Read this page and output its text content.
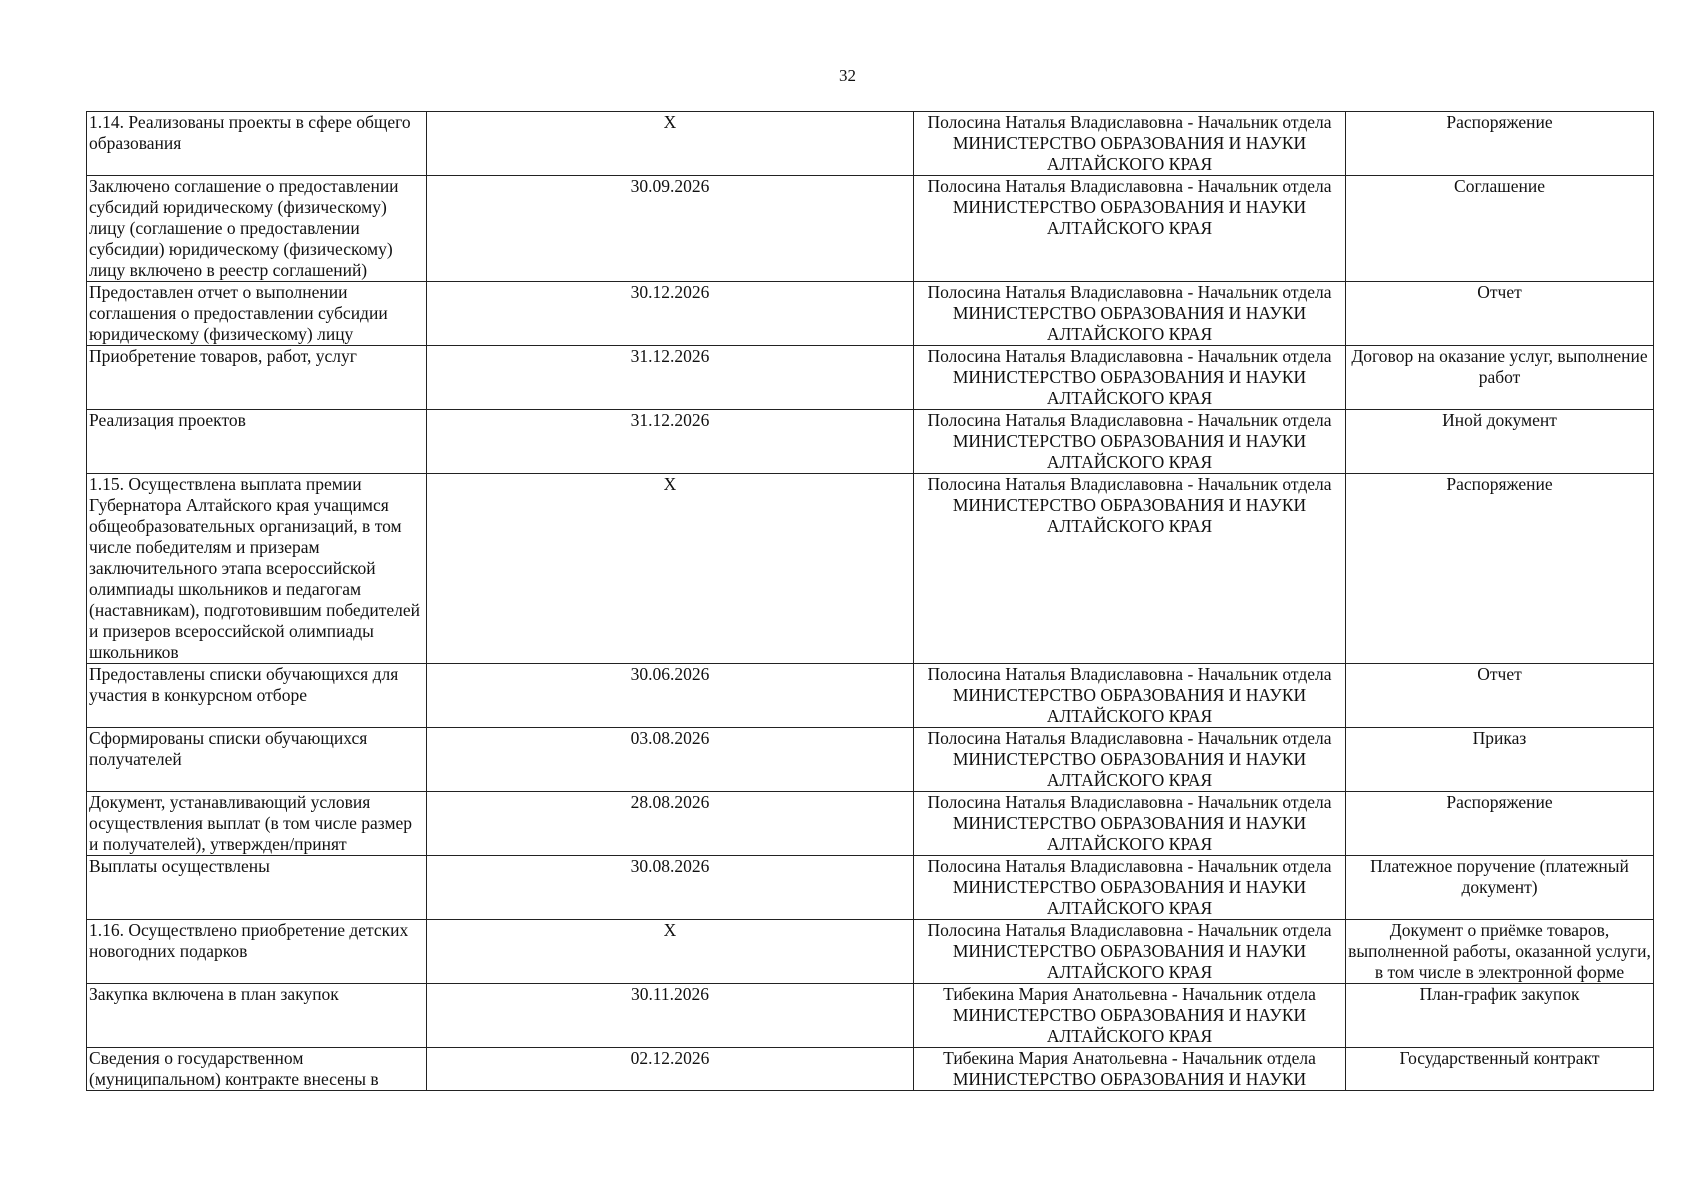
32
1.14. Реализованы проекты в сфере общего образования	X	Полосина Наталья Владиславовна - Начальник отдела МИНИСТЕРСТВО ОБРАЗОВАНИЯ И НАУКИ АЛТАЙСКОГО КРАЯ	Распоряжение
Заключено соглашение о предоставлении субсидий юридическому (физическому) лицу (соглашение о предоставлении субсидии) юридическому (физическому) лицу включено в реестр соглашений)	30.09.2026	Полосина Наталья Владиславовна - Начальник отдела МИНИСТЕРСТВО ОБРАЗОВАНИЯ И НАУКИ АЛТАЙСКОГО КРАЯ	Соглашение
Предоставлен отчет о выполнении соглашения о предоставлении субсидии юридическому (физическому) лицу	30.12.2026	Полосина Наталья Владиславовна - Начальник отдела МИНИСТЕРСТВО ОБРАЗОВАНИЯ И НАУКИ АЛТАЙСКОГО КРАЯ	Отчет
Приобретение товаров, работ, услуг	31.12.2026	Полосина Наталья Владиславовна - Начальник отдела МИНИСТЕРСТВО ОБРАЗОВАНИЯ И НАУКИ АЛТАЙСКОГО КРАЯ	Договор на оказание услуг, выполнение работ
Реализация проектов	31.12.2026	Полосина Наталья Владиславовна - Начальник отдела МИНИСТЕРСТВО ОБРАЗОВАНИЯ И НАУКИ АЛТАЙСКОГО КРАЯ	Иной документ
1.15. Осуществлена выплата премии Губернатора Алтайского края учащимся общеобразовательных организаций, в том числе победителям и призерам заключительного этапа всероссийской олимпиады школьников и педагогам (наставникам), подготовившим победителей и призеров всероссийской олимпиады школьников	X	Полосина Наталья Владиславовна - Начальник отдела МИНИСТЕРСТВО ОБРАЗОВАНИЯ И НАУКИ АЛТАЙСКОГО КРАЯ	Распоряжение
Предоставлены списки обучающихся для участия в конкурсном отборе	30.06.2026	Полосина Наталья Владиславовна - Начальник отдела МИНИСТЕРСТВО ОБРАЗОВАНИЯ И НАУКИ АЛТАЙСКОГО КРАЯ	Отчет
Сформированы списки обучающихся получателей	03.08.2026	Полосина Наталья Владиславовна - Начальник отдела МИНИСТЕРСТВО ОБРАЗОВАНИЯ И НАУКИ АЛТАЙСКОГО КРАЯ	Приказ
Документ, устанавливающий условия осуществления выплат (в том числе размер и получателей), утвержден/принят	28.08.2026	Полосина Наталья Владиславовна - Начальник отдела МИНИСТЕРСТВО ОБРАЗОВАНИЯ И НАУКИ АЛТАЙСКОГО КРАЯ	Распоряжение
Выплаты осуществлены	30.08.2026	Полосина Наталья Владиславовна - Начальник отдела МИНИСТЕРСТВО ОБРАЗОВАНИЯ И НАУКИ АЛТАЙСКОГО КРАЯ	Платежное поручение (платежный документ)
1.16. Осуществлено приобретение детских новогодних подарков	X	Полосина Наталья Владиславовна - Начальник отдела МИНИСТЕРСТВО ОБРАЗОВАНИЯ И НАУКИ АЛТАЙСКОГО КРАЯ	Документ о приёмке товаров, выполненной работы, оказанной услуги, в том числе в электронной форме
Закупка включена в план закупок	30.11.2026	Тибекина Мария Анатольевна - Начальник отдела МИНИСТЕРСТВО ОБРАЗОВАНИЯ И НАУКИ АЛТАЙСКОГО КРАЯ	План-график закупок
Сведения о государственном (муниципальном) контракте внесены в	02.12.2026	Тибекина Мария Анатольевна - Начальник отдела МИНИСТЕРСТВО ОБРАЗОВАНИЯ И НАУКИ	Государственный контракт
